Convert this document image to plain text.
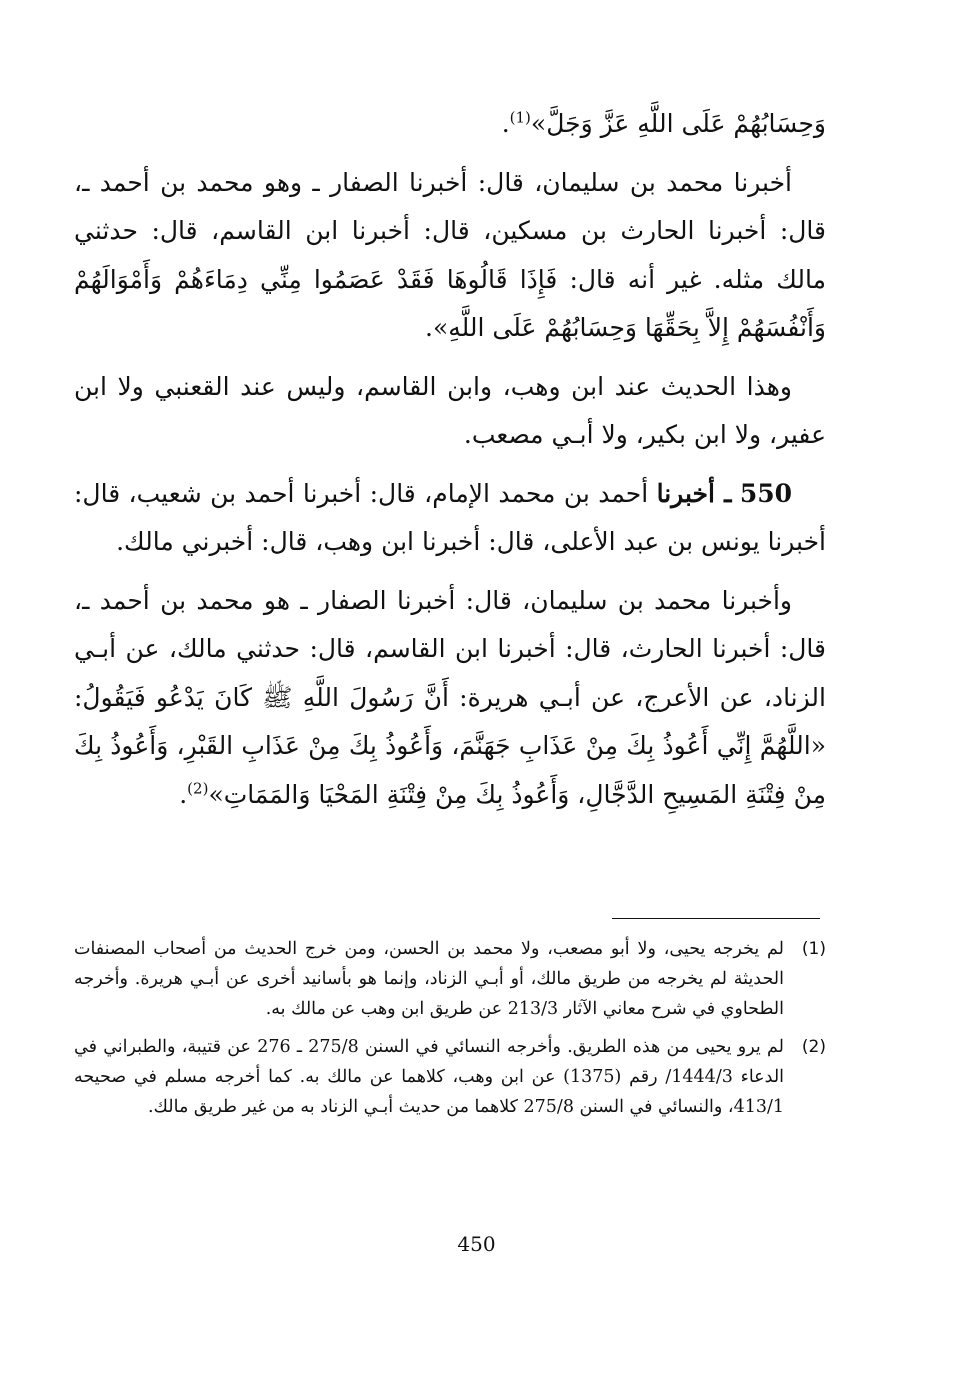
وَحِسَابُهُمْ عَلَى اللَّهِ عَزَّ وَجَلَّ»$^{(1)}$.

أخبرنا محمد بن سليمان، قال: أخبرنا الصفار ـ وهو محمد بن أحمد ـ، قال: أخبرنا الحارث بن مسكين، قال: أخبرنا ابن القاسم، قال: حدثني مالك مثله. غير أنه قال: فَإِذَا قَالُوهَا فَقَدْ عَصَمُوا مِنِّي دِمَاءَهُمْ وَأَمْوَالَهُمْ وَأَنْفُسَهُمْ إِلاَّ بِحَقِّهَا وَحِسَابُهُمْ عَلَى اللَّهِ».

وهذا الحديث عند ابن وهب، وابن القاسم، وليس عند القعنبي ولا ابن عفير، ولا ابن بكير، ولا أبـي مصعب.

550 ـ أخبرنا أحمد بن محمد الإمام، قال: أخبرنا أحمد بن شعيب، قال: أخبرنا يونس بن عبد الأعلى، قال: أخبرنا ابن وهب، قال: أخبرني مالك.

وأخبرنا محمد بن سليمان، قال: أخبرنا الصفار ـ هو محمد بن أحمد ـ، قال: أخبرنا الحارث، قال: أخبرنا ابن القاسم، قال: حدثني مالك، عن أبـي الزناد، عن الأعرج، عن أبـي هريرة: أَنَّ رَسُولَ اللَّهِ ﷺ كَانَ يَدْعُو فَيَقُولُ: «اللَّهُمَّ إِنِّي أَعُوذُ بِكَ مِنْ عَذَابِ جَهَنَّمَ، وَأَعُوذُ بِكَ مِنْ عَذَابِ القَبْرِ، وَأَعُوذُ بِكَ مِنْ فِتْنَةِ المَسِيحِ الدَّجَّالِ، وَأَعُوذُ بِكَ مِنْ فِتْنَةِ المَحْيَا وَالمَمَاتِ»$^{(2)}$.

(1)
لم يخرجه يحيى، ولا أبو مصعب، ولا محمد بن الحسن، ومن خرج الحديث من أصحاب المصنفات الحديثة لم يخرجه من طريق مالك، أو أبـي الزناد، وإنما هو بأسانيد أخرى عن أبـي هريرة. وأخرجه الطحاوي في شرح معاني الآثار 213/3 عن طريق ابن وهب عن مالك به.
(2)
لم يرو يحيى من هذه الطريق. وأخرجه النسائي في السنن 275/8 ـ 276 عن قتيبة، والطبراني في الدعاء 1444/3/ رقم (1375) عن ابن وهب، كلاهما عن مالك به. كما أخرجه مسلم في صحيحه 413/1، والنسائي في السنن 275/8 كلاهما من حديث أبـي الزناد به من غير طريق مالك.
450
